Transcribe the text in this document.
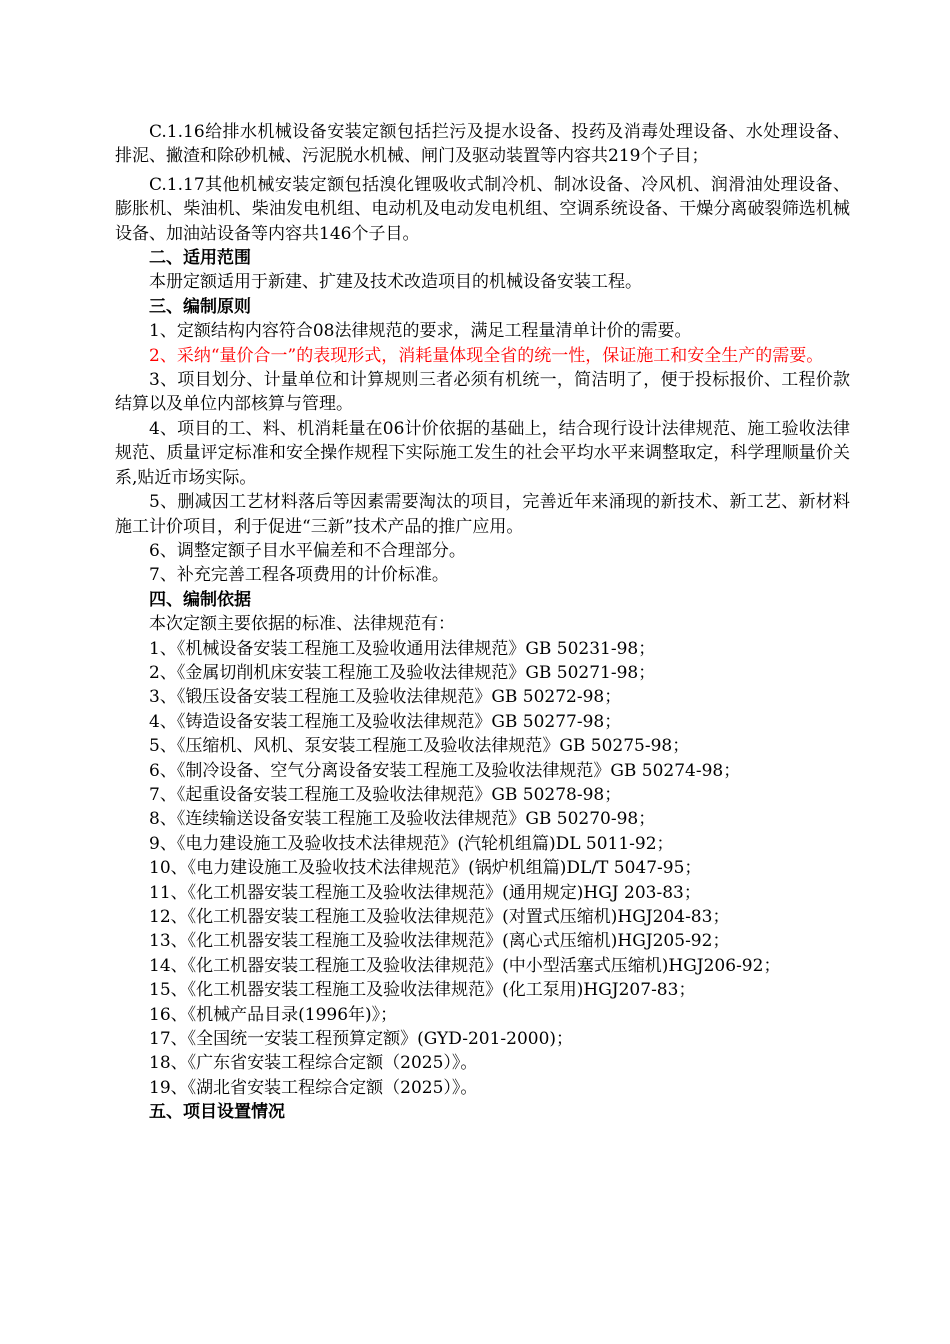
C.1.16给排水机械设备安装定额包括拦污及提水设备、投药及消毒处理设备、水处理设备、排泥、撇渣和除砂机械、污泥脱水机械、闸门及驱动装置等内容共219个子目；

C.1.17其他机械安装定额包括溴化锂吸收式制冷机、制冰设备、冷风机、润滑油处理设备、膨胀机、柴油机、柴油发电机组、电动机及电动发电机组、空调系统设备、干燥分离破裂筛选机械设备、加油站设备等内容共146个子目。

二、适用范围

本册定额适用于新建、扩建及技术改造项目的机械设备安装工程。

三、编制原则

1、定额结构内容符合08法律规范的要求，满足工程量清单计价的需要。

2、采纳“量价合一”的表现形式，消耗量体现全省的统一性，保证施工和安全生产的需要。

3、项目划分、计量单位和计算规则三者必须有机统一，简洁明了，便于投标报价、工程价款结算以及单位内部核算与管理。

4、项目的工、料、机消耗量在06计价依据的基础上，结合现行设计法律规范、施工验收法律规范、质量评定标准和安全操作规程下实际施工发生的社会平均水平来调整取定，科学理顺量价关系,贴近市场实际。

5、删减因工艺材料落后等因素需要淘汰的项目，完善近年来涌现的新技术、新工艺、新材料施工计价项目，利于促进“三新”技术产品的推广应用。

6、调整定额子目水平偏差和不合理部分。

7、补充完善工程各项费用的计价标准。

四、编制依据

本次定额主要依据的标准、法律规范有：

1、《机械设备安装工程施工及验收通用法律规范》GB 50231-98；

2、《金属切削机床安装工程施工及验收法律规范》GB 50271-98；

3、《锻压设备安装工程施工及验收法律规范》GB 50272-98；

4、《铸造设备安装工程施工及验收法律规范》GB 50277-98；

5、《压缩机、风机、泵安装工程施工及验收法律规范》GB 50275-98；

6、《制冷设备、空气分离设备安装工程施工及验收法律规范》GB 50274-98；

7、《起重设备安装工程施工及验收法律规范》GB 50278-98；

8、《连续输送设备安装工程施工及验收法律规范》GB 50270-98；

9、《电力建设施工及验收技术法律规范》(汽轮机组篇)DL 5011-92；

10、《电力建设施工及验收技术法律规范》(锅炉机组篇)DL/T 5047-95；

11、《化工机器安装工程施工及验收法律规范》(通用规定)HGJ 203-83；

12、《化工机器安装工程施工及验收法律规范》(对置式压缩机)HGJ204-83；

13、《化工机器安装工程施工及验收法律规范》(离心式压缩机)HGJ205-92；

14、《化工机器安装工程施工及验收法律规范》(中小型活塞式压缩机)HGJ206-92；

15、《化工机器安装工程施工及验收法律规范》(化工泵用)HGJ207-83；

16、《机械产品目录(1996年)》；

17、《全国统一安装工程预算定额》(GYD-201-2000)；

18、《广东省安装工程综合定额（2025）》。

19、《湖北省安装工程综合定额（2025）》。

五、项目设置情况
